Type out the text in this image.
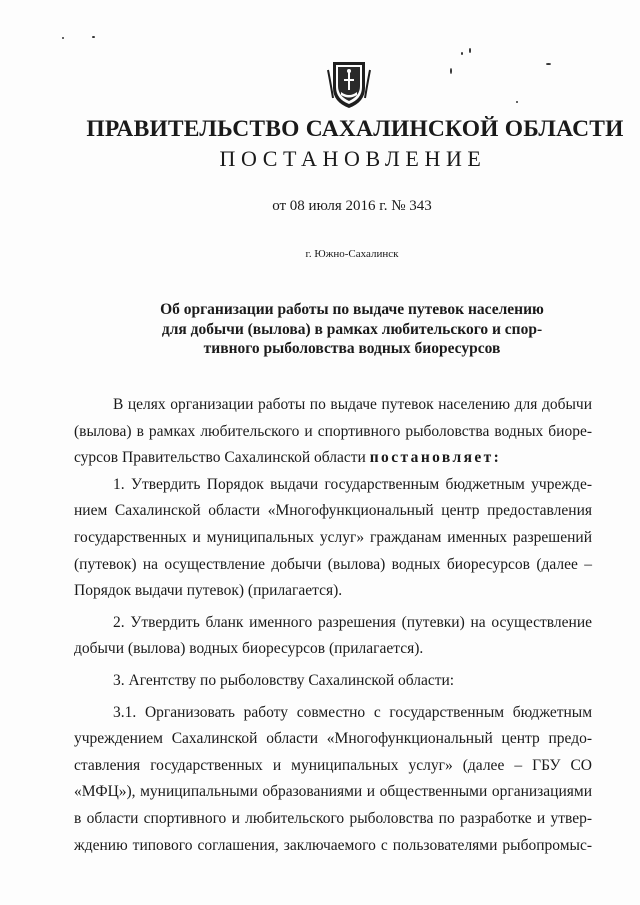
ПРАВИТЕЛЬСТВО САХАЛИНСКОЙ ОБЛАСТИ
ПОСТАНОВЛЕНИЕ
от 08 июля 2016 г. № 343
г. Южно-Сахалинск
Об организации работы по выдаче путевок населению
для добычи (вылова) в рамках любительского и спор-
тивного рыболовства водных биоресурсов
В целях организации работы по выдаче путевок населению для добычи
(вылова) в рамках любительского и спортивного рыболовства водных биоре-
сурсов Правительство Сахалинской области постановляет:
1. Утвердить Порядок выдачи государственным бюджетным учрежде-
нием Сахалинской области «Многофункциональный центр предоставления
государственных и муниципальных услуг» гражданам именных разрешений
(путевок) на осуществление добычи (вылова) водных биоресурсов (далее –
Порядок выдачи путевок) (прилагается).
2. Утвердить бланк именного разрешения (путевки) на осуществление
добычи (вылова) водных биоресурсов (прилагается).
3. Агентству по рыболовству Сахалинской области:
3.1. Организовать работу совместно с государственным бюджетным
учреждением Сахалинской области «Многофункциональный центр предо-
ставления государственных и муниципальных услуг» (далее – ГБУ СО
«МФЦ»), муниципальными образованиями и общественными организациями
в области спортивного и любительского рыболовства по разработке и утвер-
ждению типового соглашения, заключаемого с пользователями рыбопромыс-
